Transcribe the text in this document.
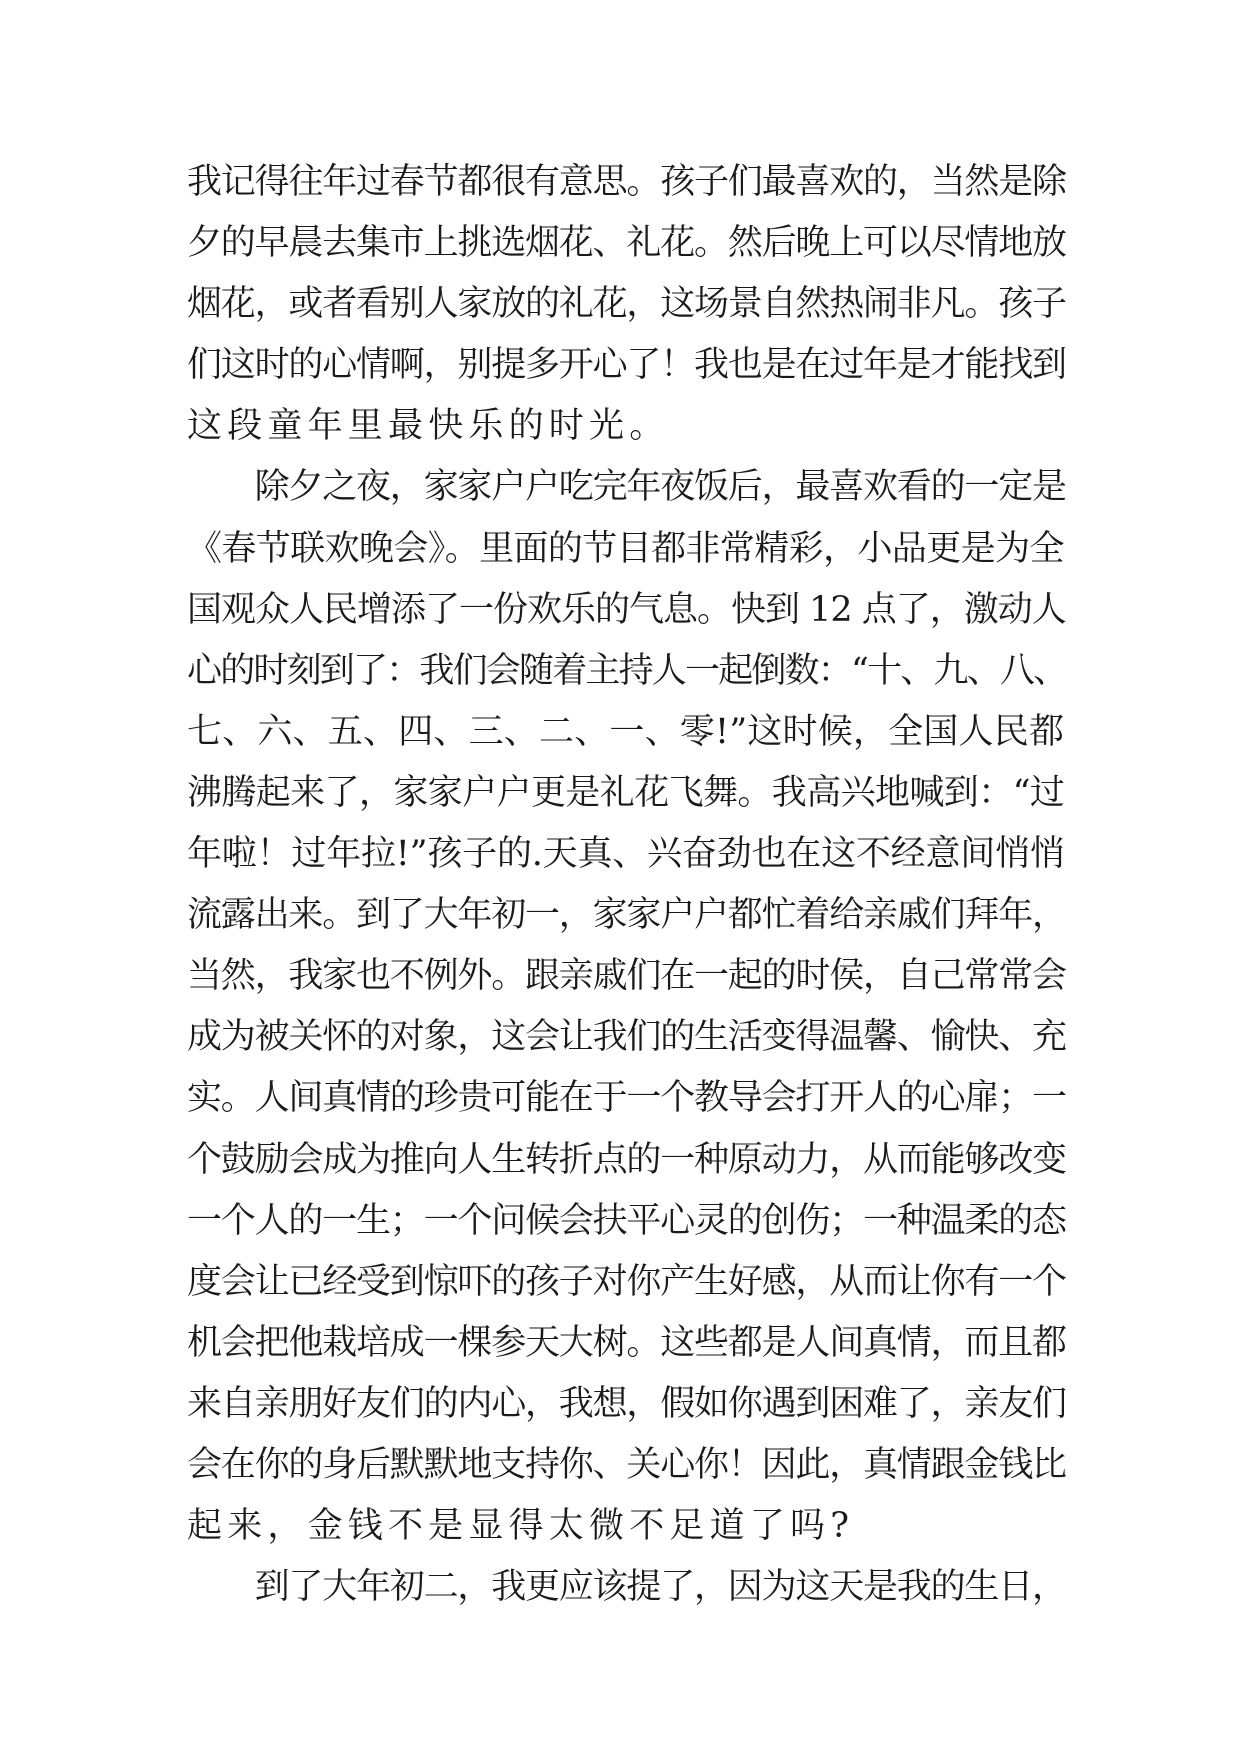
我记得往年过春节都很有意思。孩子们最喜欢的，当然是除
夕的早晨去集市上挑选烟花、礼花。然后晚上可以尽情地放
烟花，或者看别人家放的礼花，这场景自然热闹非凡。孩子
们这时的心情啊，别提多开心了！我也是在过年是才能找到
这段童年里最快乐的时光。
　　除夕之夜，家家户户吃完年夜饭后，最喜欢看的一定是
《春节联欢晚会》。里面的节目都非常精彩，小品更是为全
国观众人民增添了一份欢乐的气息。快到 12 点了，激动人
心的时刻到了：我们会随着主持人一起倒数：“十、九、八、
七、六、五、四、三、二、一、零!”这时候，全国人民都
沸腾起来了，家家户户更是礼花飞舞。我高兴地喊到：“过
年啦！过年拉!”孩子的.天真、兴奋劲也在这不经意间悄悄
流露出来。到了大年初一，家家户户都忙着给亲戚们拜年，
当然，我家也不例外。跟亲戚们在一起的时侯，自己常常会
成为被关怀的对象，这会让我们的生活变得温馨、愉快、充
实。人间真情的珍贵可能在于一个教导会打开人的心扉；一
个鼓励会成为推向人生转折点的一种原动力，从而能够改变
一个人的一生；一个问候会扶平心灵的创伤；一种温柔的态
度会让已经受到惊吓的孩子对你产生好感，从而让你有一个
机会把他栽培成一棵参天大树。这些都是人间真情，而且都
来自亲朋好友们的内心，我想，假如你遇到困难了，亲友们
会在你的身后默默地支持你、关心你！因此，真情跟金钱比
起来，金钱不是显得太微不足道了吗?
　　到了大年初二，我更应该提了，因为这天是我的生日，
